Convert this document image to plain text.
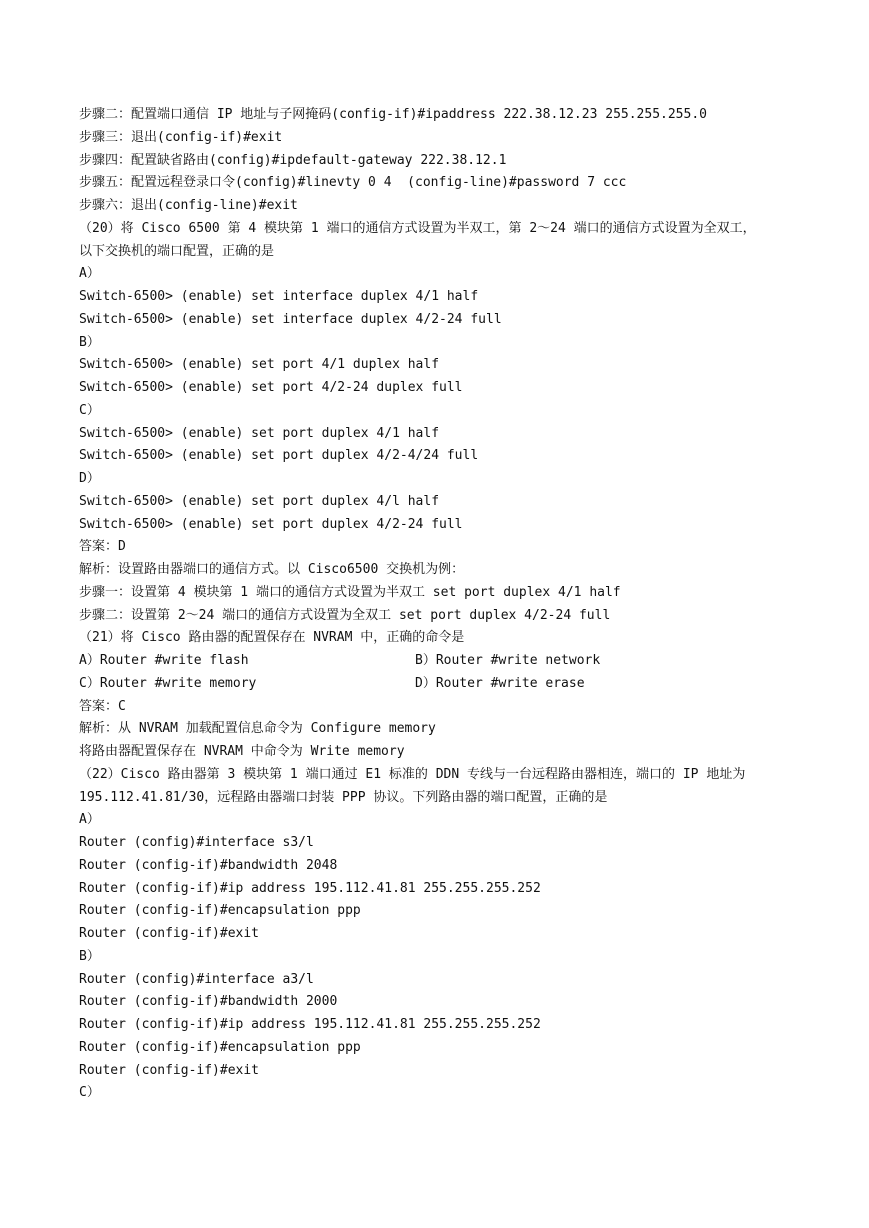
步骤二：配置端口通信 IP 地址与子网掩码(config-if)#ipaddress 222.38.12.23 255.255.255.0
步骤三：退出(config-if)#exit
步骤四：配置缺省路由(config)#ipdefault-gateway 222.38.12.1
步骤五：配置远程登录口令(config)#linevty 0 4  (config-line)#password 7 ccc
步骤六：退出(config-line)#exit
（20）将 Cisco 6500 第 4 模块第 1 端口的通信方式设置为半双工，第 2～24 端口的通信方式设置为全双工，
以下交换机的端口配置，正确的是
A）
Switch-6500> (enable) set interface duplex 4/1 half
Switch-6500> (enable) set interface duplex 4/2-24 full
B）
Switch-6500> (enable) set port 4/1 duplex half
Switch-6500> (enable) set port 4/2-24 duplex full
C）
Switch-6500> (enable) set port duplex 4/1 half
Switch-6500> (enable) set port duplex 4/2-4/24 full
D）
Switch-6500> (enable) set port duplex 4/l half
Switch-6500> (enable) set port duplex 4/2-24 full
答案：D
解析：设置路由器端口的通信方式。以 Cisco6500 交换机为例：
步骤一：设置第 4 模块第 1 端口的通信方式设置为半双工 set port duplex 4/1 half
步骤二：设置第 2～24 端口的通信方式设置为全双工 set port duplex 4/2-24 full
（21）将 Cisco 路由器的配置保存在 NVRAM 中，正确的命令是
A）Router #write flash	B）Router #write network
C）Router #write memory	D）Router #write erase
答案：C
解析：从 NVRAM 加载配置信息命令为 Configure memory
将路由器配置保存在 NVRAM 中命令为 Write memory
（22）Cisco 路由器第 3 模块第 1 端口通过 E1 标准的 DDN 专线与一台远程路由器相连，端口的 IP 地址为
195.112.41.81/30，远程路由器端口封装 PPP 协议。下列路由器的端口配置，正确的是
A）
Router (config)#interface s3/l
Router (config-if)#bandwidth 2048
Router (config-if)#ip address 195.112.41.81 255.255.255.252
Router (config-if)#encapsulation ppp
Router (config-if)#exit
B）
Router (config)#interface a3/l
Router (config-if)#bandwidth 2000
Router (config-if)#ip address 195.112.41.81 255.255.255.252
Router (config-if)#encapsulation ppp
Router (config-if)#exit
C）
